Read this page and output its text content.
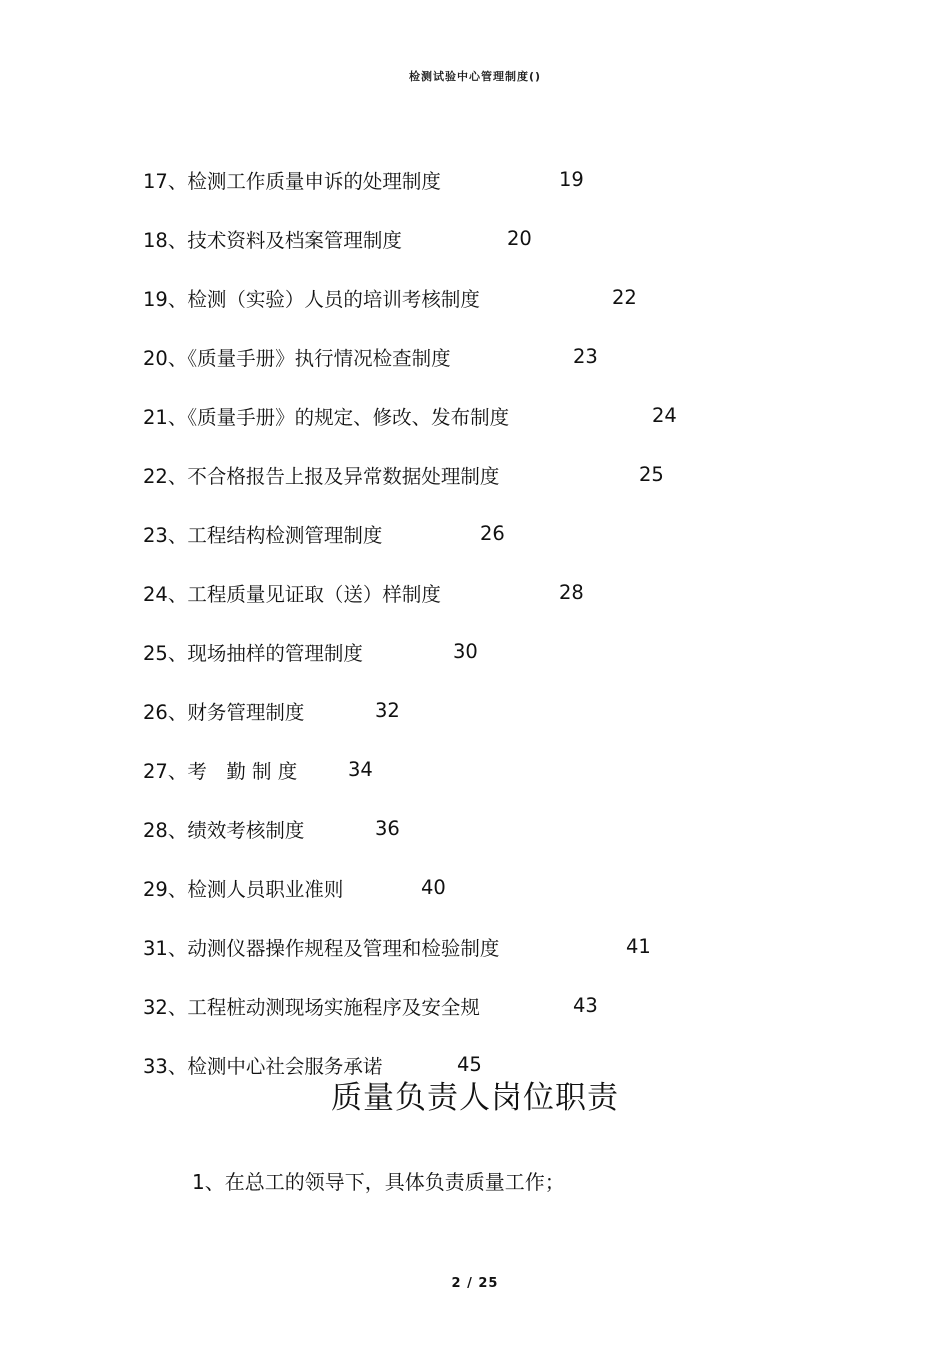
检测试验中心管理制度()
17、检测工作质量申诉的处理制度	19
18、技术资料及档案管理制度	20
19、检测（实验）人员的培训考核制度	22
20、《质量手册》执行情况检查制度	23
21、《质量手册》的规定、修改、发布制度	24
22、不合格报告上报及异常数据处理制度	25
23、工程结构检测管理制度	26
24、工程质量见证取（送）样制度	28
25、现场抽样的管理制度	30
26、财务管理制度	32
27、考　勤 制 度	34
28、绩效考核制度	36
29、检测人员职业准则	40
31、动测仪器操作规程及管理和检验制度	41
32、工程桩动测现场实施程序及安全规	43
33、检测中心社会服务承诺	45
质量负责人岗位职责
1、在总工的领导下，具体负责质量工作；
2 / 25
